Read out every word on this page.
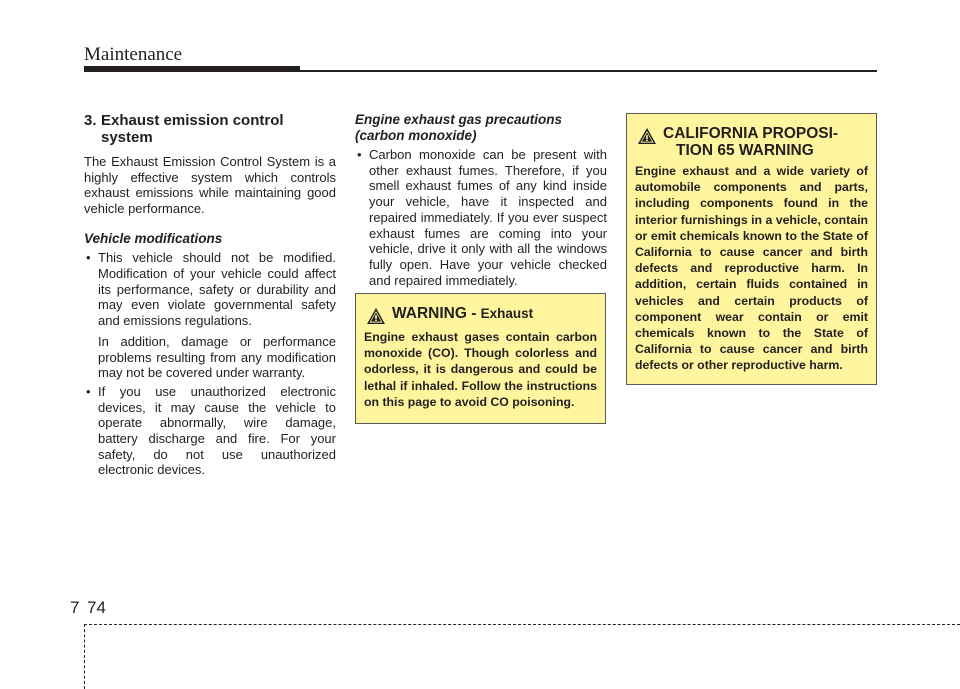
Maintenance
3. Exhaust emission control
system

The Exhaust Emission Control System is a highly effective system which controls exhaust emissions while maintaining good vehicle performance.

Vehicle modifications
• This vehicle should not be modified. Modification of your vehicle could affect its performance, safety or durability and may even violate governmental safety and emissions regulations.

In addition, damage or performance problems resulting from any modification may not be covered under warranty.

• If you use unauthorized electronic devices, it may cause the vehicle to operate abnormally, wire damage, battery discharge and fire. For your safety, do not use unauthorized electronic devices.

Engine exhaust gas precautions
(carbon monoxide)
• Carbon monoxide can be present with other exhaust fumes. Therefore, if you smell exhaust fumes of any kind inside your vehicle, have it inspected and repaired immediately. If you ever suspect exhaust fumes are coming into your vehicle, drive it only with all the windows fully open. Have your vehicle checked and repaired immediately.

WARNING - Exhaust

Engine exhaust gases contain carbon monoxide (CO). Though colorless and odorless, it is dangerous and could be lethal if inhaled. Follow the instructions on this page to avoid CO poisoning.

CALIFORNIA PROPOSI-
TION 65 WARNING

Engine exhaust and a wide variety of automobile components and parts, including components found in the interior furnishings in a vehicle, contain or emit chemicals known to the State of California to cause cancer and birth defects and reproductive harm. In addition, certain fluids contained in vehicles and certain products of component wear contain or emit chemicals known to the State of California to cause cancer and birth defects or other reproductive harm.

7 74
